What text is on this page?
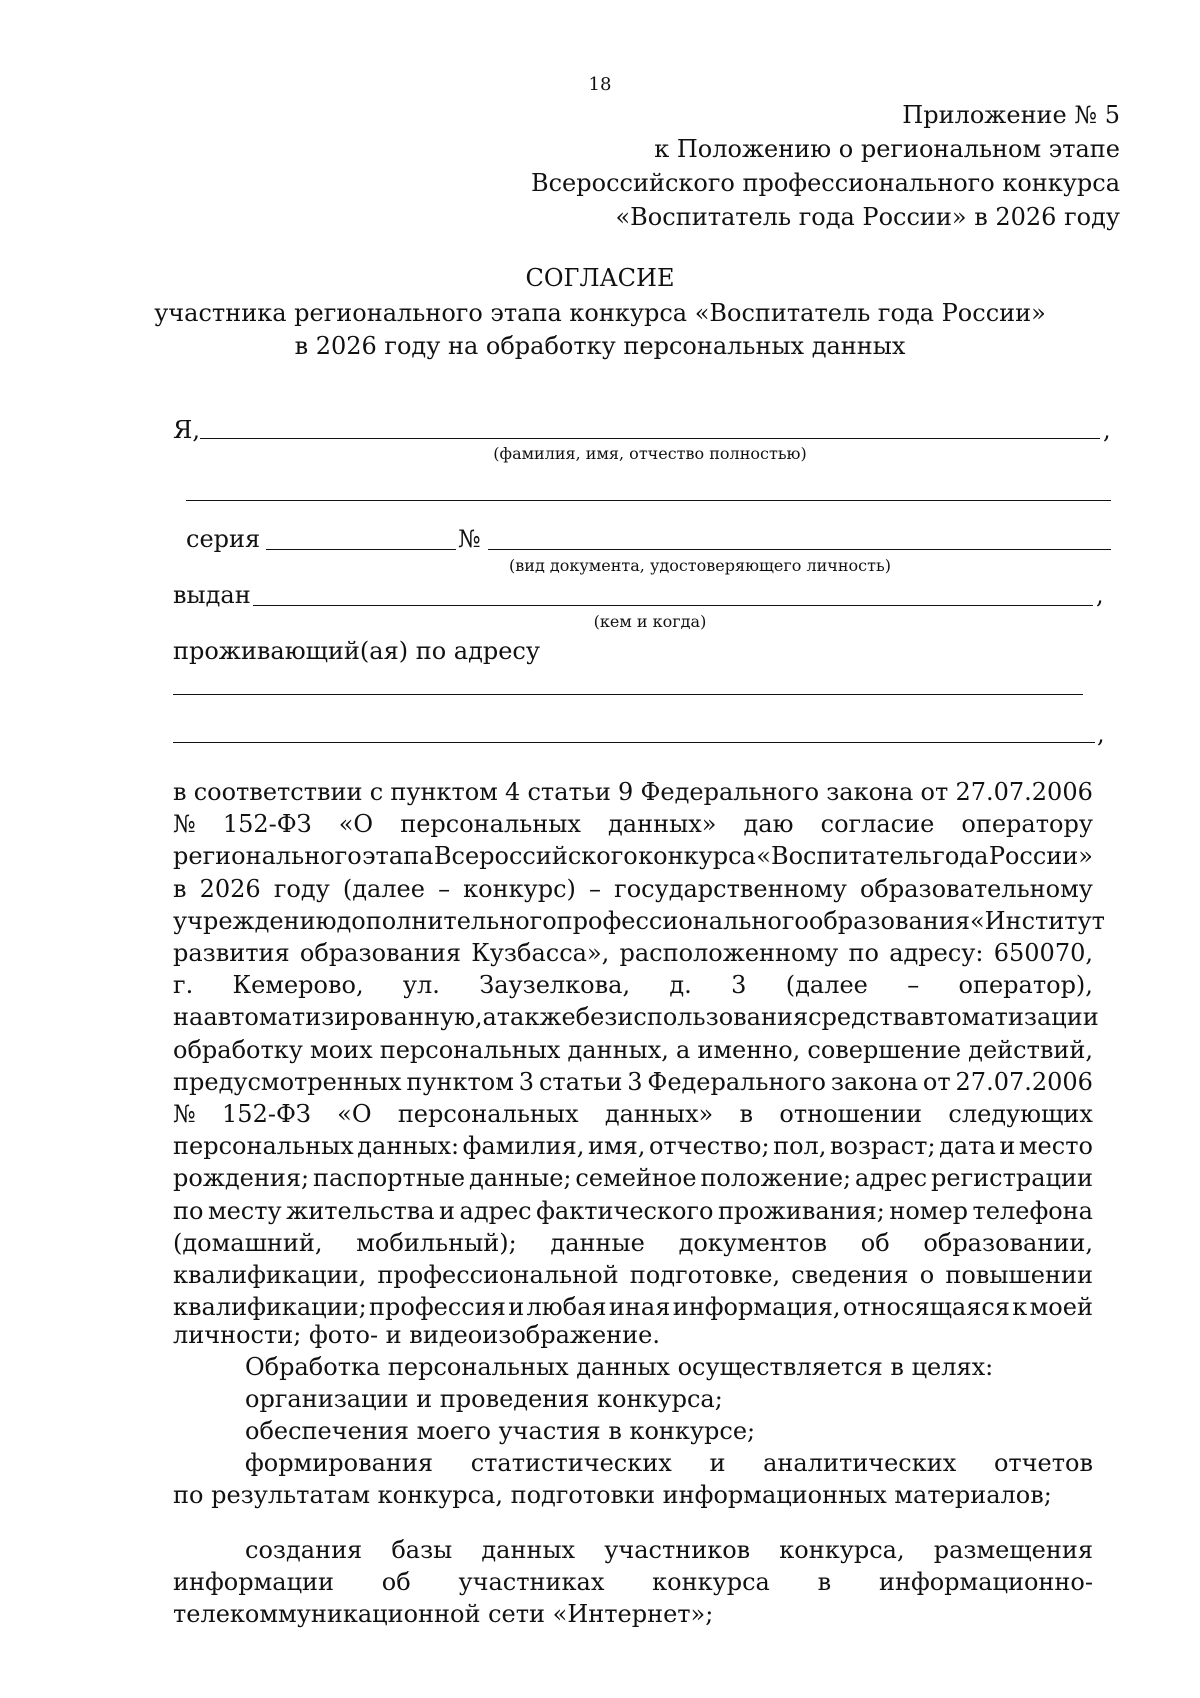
18
Приложение № 5
к Положению о региональном этапе
Всероссийского профессионального конкурса
«Воспитатель года России» в 2026 году
СОГЛАСИЕ
участника регионального этапа конкурса «Воспитатель года России»
в 2026 году на обработку персональных данных
Я,	,
(фамилия, имя, отчество полностью)
серия	№
(вид документа, удостоверяющего личность)
выдан	,
(кем и когда)
проживающий(ая) по адресу
,
в соответствии с пунктом 4 статьи 9 Федерального закона от 27.07.2006
№ 152-ФЗ «О персональных данных» даю согласие оператору
регионального этапа Всероссийского конкурса «Воспитатель года России»
в 2026 году (далее – конкурс) – государственному образовательному
учреждению дополнительного профессионального образования «Институт
развития образования Кузбасса», расположенному по адресу: 650070,
г. Кемерово, ул. Заузелкова, д. 3 (далее – оператор),
на автоматизированную, а также без использования средств автоматизации
обработку моих персональных данных, а именно, совершение действий,
предусмотренных пунктом 3 статьи 3 Федерального закона от 27.07.2006
№ 152-ФЗ «О персональных данных» в отношении следующих
персональных данных: фамилия, имя, отчество; пол, возраст; дата и место
рождения; паспортные данные; семейное положение; адрес регистрации
по месту жительства и адрес фактического проживания; номер телефона
(домашний, мобильный); данные документов об образовании,
квалификации, профессиональной подготовке, сведения о повышении
квалификации; профессия и любая иная информация, относящаяся к моей
личности; фото- и видеоизображение.
Обработка персональных данных осуществляется в целях:
организации и проведения конкурса;
обеспечения моего участия в конкурсе;
формирования статистических и аналитических отчетов
по результатам конкурса, подготовки информационных материалов;
создания базы данных участников конкурса, размещения
информации об участниках конкурса в информационно-
телекоммуникационной сети «Интернет»;
